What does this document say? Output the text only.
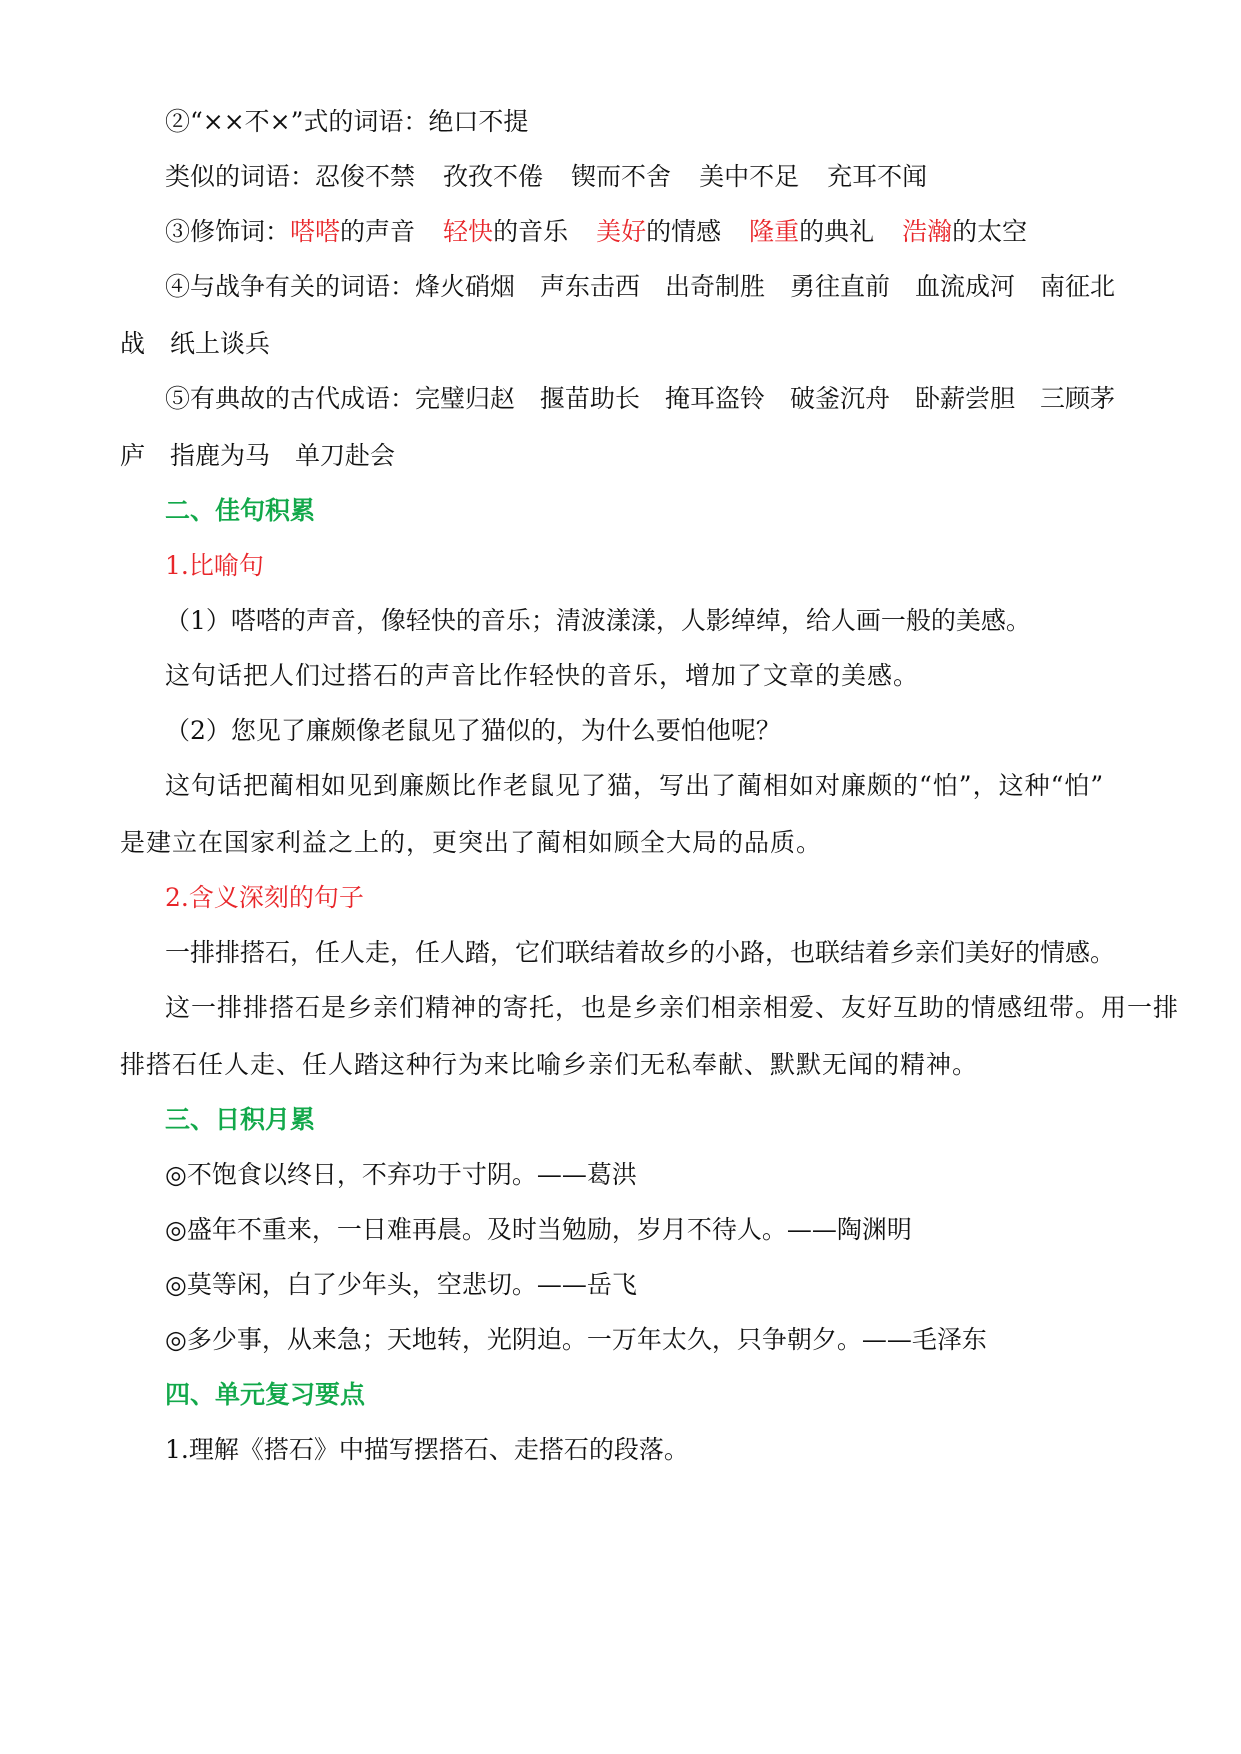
②“××不×”式的词语：绝口不提
类似的词语：忍俊不禁 孜孜不倦 锲而不舍 美中不足 充耳不闻
③修饰词：嗒嗒的声音 轻快的音乐 美好的情感 隆重的典礼 浩瀚的太空
④与战争有关的词语：烽火硝烟　声东击西　出奇制胜　勇往直前　血流成河　南征北
战　纸上谈兵
⑤有典故的古代成语：完璧归赵　揠苗助长　掩耳盗铃　破釜沉舟　卧薪尝胆　三顾茅
庐　指鹿为马　单刀赴会
二、佳句积累
1.比喻句
（1）嗒嗒的声音，像轻快的音乐；清波漾漾，人影绰绰，给人画一般的美感。
这句话把人们过搭石的声音比作轻快的音乐，增加了文章的美感。
（2）您见了廉颇像老鼠见了猫似的，为什么要怕他呢？
这句话把蔺相如见到廉颇比作老鼠见了猫，写出了蔺相如对廉颇的“怕”，这种“怕”
是建立在国家利益之上的，更突出了蔺相如顾全大局的品质。
2.含义深刻的句子
一排排搭石，任人走，任人踏，它们联结着故乡的小路，也联结着乡亲们美好的情感。
这一排排搭石是乡亲们精神的寄托，也是乡亲们相亲相爱、友好互助的情感纽带。用一排
排搭石任人走、任人踏这种行为来比喻乡亲们无私奉献、默默无闻的精神。
三、日积月累
◎不饱食以终日，不弃功于寸阴。——葛洪
◎盛年不重来，一日难再晨。及时当勉励，岁月不待人。——陶渊明
◎莫等闲，白了少年头，空悲切。——岳飞
◎多少事，从来急；天地转，光阴迫。一万年太久，只争朝夕。——毛泽东
四、单元复习要点
1.理解《搭石》中描写摆搭石、走搭石的段落。
